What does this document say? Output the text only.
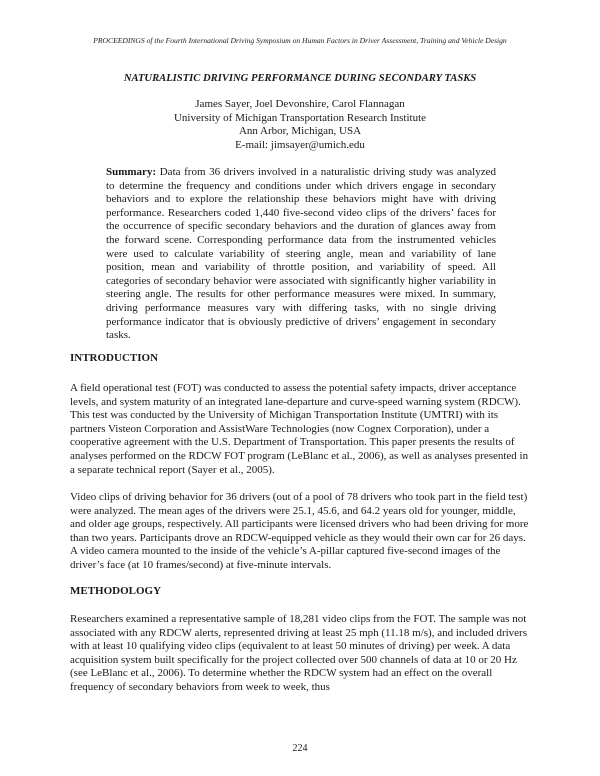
PROCEEDINGS of the Fourth International Driving Symposium on Human Factors in Driver Assessment, Training and Vehicle Design
NATURALISTIC DRIVING PERFORMANCE DURING SECONDARY TASKS
James Sayer, Joel Devonshire, Carol Flannagan
University of Michigan Transportation Research Institute
Ann Arbor, Michigan, USA
E-mail: jimsayer@umich.edu
Summary: Data from 36 drivers involved in a naturalistic driving study was analyzed to determine the frequency and conditions under which drivers engage in secondary behaviors and to explore the relationship these behaviors might have with driving performance. Researchers coded 1,440 five-second video clips of the drivers’ faces for the occurrence of specific secondary behaviors and the duration of glances away from the forward scene. Corresponding performance data from the instrumented vehicles were used to calculate variability of steering angle, mean and variability of lane position, mean and variability of throttle position, and variability of speed. All categories of secondary behavior were associated with significantly higher variability in steering angle. The results for other performance measures were mixed. In summary, driving performance measures vary with differing tasks, with no single driving performance indicator that is obviously predictive of drivers’ engagement in secondary tasks.
INTRODUCTION
A field operational test (FOT) was conducted to assess the potential safety impacts, driver acceptance levels, and system maturity of an integrated lane-departure and curve-speed warning system (RDCW). This test was conducted by the University of Michigan Transportation Institute (UMTRI) with its partners Visteon Corporation and AssistWare Technologies (now Cognex Corporation), under a cooperative agreement with the U.S. Department of Transportation. This paper presents the results of analyses performed on the RDCW FOT program (LeBlanc et al., 2006), as well as analyses presented in a separate technical report (Sayer et al., 2005).
Video clips of driving behavior for 36 drivers (out of a pool of 78 drivers who took part in the field test) were analyzed. The mean ages of the drivers were 25.1, 45.6, and 64.2 years old for younger, middle, and older age groups, respectively. All participants were licensed drivers who had been driving for more than two years. Participants drove an RDCW-equipped vehicle as they would their own car for 26 days. A video camera mounted to the inside of the vehicle’s A-pillar captured five-second images of the driver’s face (at 10 frames/second) at five-minute intervals.
METHODOLOGY
Researchers examined a representative sample of 18,281 video clips from the FOT. The sample was not associated with any RDCW alerts, represented driving at least 25 mph (11.18 m/s), and included drivers with at least 10 qualifying video clips (equivalent to at least 50 minutes of driving) per week. A data acquisition system built specifically for the project collected over 500 channels of data at 10 or 20 Hz (see LeBlanc et al., 2006). To determine whether the RDCW system had an effect on the overall frequency of secondary behaviors from week to week, thus
224
